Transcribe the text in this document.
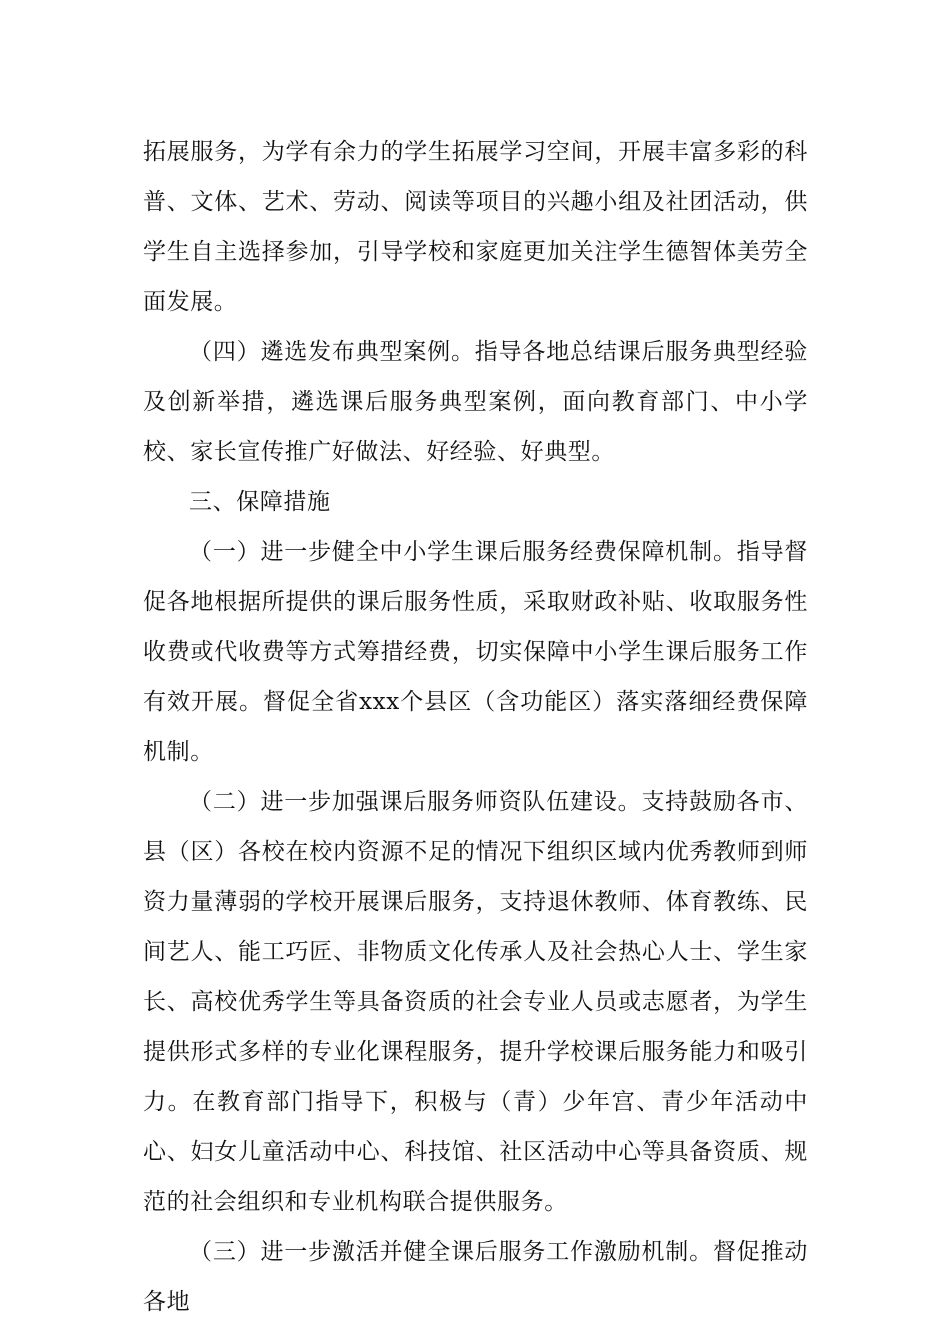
拓展服务，为学有余力的学生拓展学习空间，开展丰富多彩的科普、文体、艺术、劳动、阅读等项目的兴趣小组及社团活动，供学生自主选择参加，引导学校和家庭更加关注学生德智体美劳全面发展。

（四）遴选发布典型案例。指导各地总结课后服务典型经验及创新举措，遴选课后服务典型案例，面向教育部门、中小学校、家长宣传推广好做法、好经验、好典型。

三、保障措施

（一）进一步健全中小学生课后服务经费保障机制。指导督促各地根据所提供的课后服务性质，采取财政补贴、收取服务性收费或代收费等方式筹措经费，切实保障中小学生课后服务工作有效开展。督促全省xxx个县区（含功能区）落实落细经费保障机制。

（二）进一步加强课后服务师资队伍建设。支持鼓励各市、县（区）各校在校内资源不足的情况下组织区域内优秀教师到师资力量薄弱的学校开展课后服务，支持退休教师、体育教练、民间艺人、能工巧匠、非物质文化传承人及社会热心人士、学生家长、高校优秀学生等具备资质的社会专业人员或志愿者，为学生提供形式多样的专业化课程服务，提升学校课后服务能力和吸引力。在教育部门指导下，积极与（青）少年宫、青少年活动中心、妇女儿童活动中心、科技馆、社区活动中心等具备资质、规范的社会组织和专业机构联合提供服务。

（三）进一步激活并健全课后服务工作激励机制。督促推动各地
